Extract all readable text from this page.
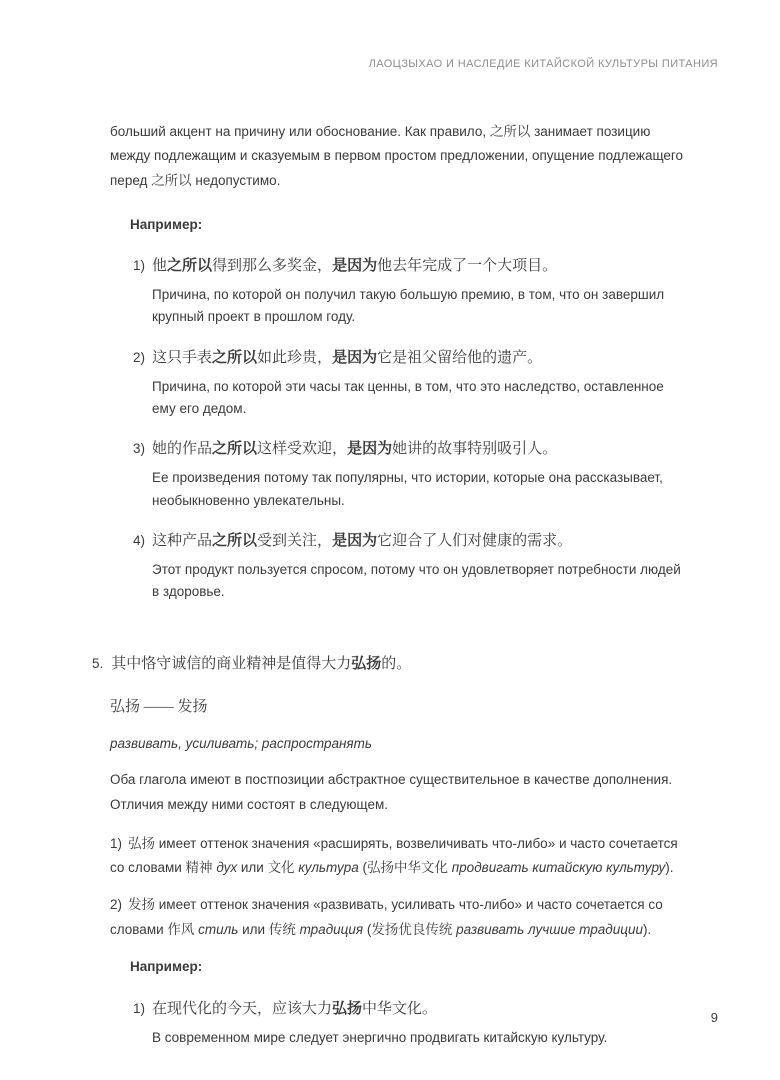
ЛАОЦЗЫХАО И НАСЛЕДИЕ КИТАЙСКОЙ КУЛЬТУРЫ ПИТАНИЯ

больший акцент на причину или обоснование. Как правило, 之所以 занимает позицию между подлежащим и сказуемым в первом простом предложении, опущение подлежащего перед 之所以 недопустимо.

Например:

1) 他之所以得到那么多奖金，是因为他去年完成了一个大项目。

Причина, по которой он получил такую большую премию, в том, что он завершил крупный проект в прошлом году.

2) 这只手表之所以如此珍贵，是因为它是祖父留给他的遗产。

Причина, по которой эти часы так ценны, в том, что это наследство, оставленное ему его дедом.

3) 她的作品之所以这样受欢迎，是因为她讲的故事特别吸引人。

Ее произведения потому так популярны, что истории, которые она рассказывает, необыкновенно увлекательны.

4) 这种产品之所以受到关注，是因为它迎合了人们对健康的需求。

Этот продукт пользуется спросом, потому что он удовлетворяет потребности людей в здоровье.

5. 其中恪守诚信的商业精神是值得大力弘扬的。

弘扬 —— 发扬

развивать, усиливать; распространять

Оба глагола имеют в постпозиции абстрактное существительное в качестве дополнения. Отличия между ними состоят в следующем.

1) 弘扬 имеет оттенок значения «расширять, возвеличивать что-либо» и часто сочетается со словами 精神 дух или 文化 культура (弘扬中华文化 продвигать китайскую культуру).

2) 发扬 имеет оттенок значения «развивать, усиливать что-либо» и часто сочетается со словами 作风 стиль или 传统 традиция (发扬优良传统 развивать лучшие традиции).

Например:

1) 在现代化的今天，应该大力弘扬中华文化。

В современном мире следует энергично продвигать китайскую культуру.

9
